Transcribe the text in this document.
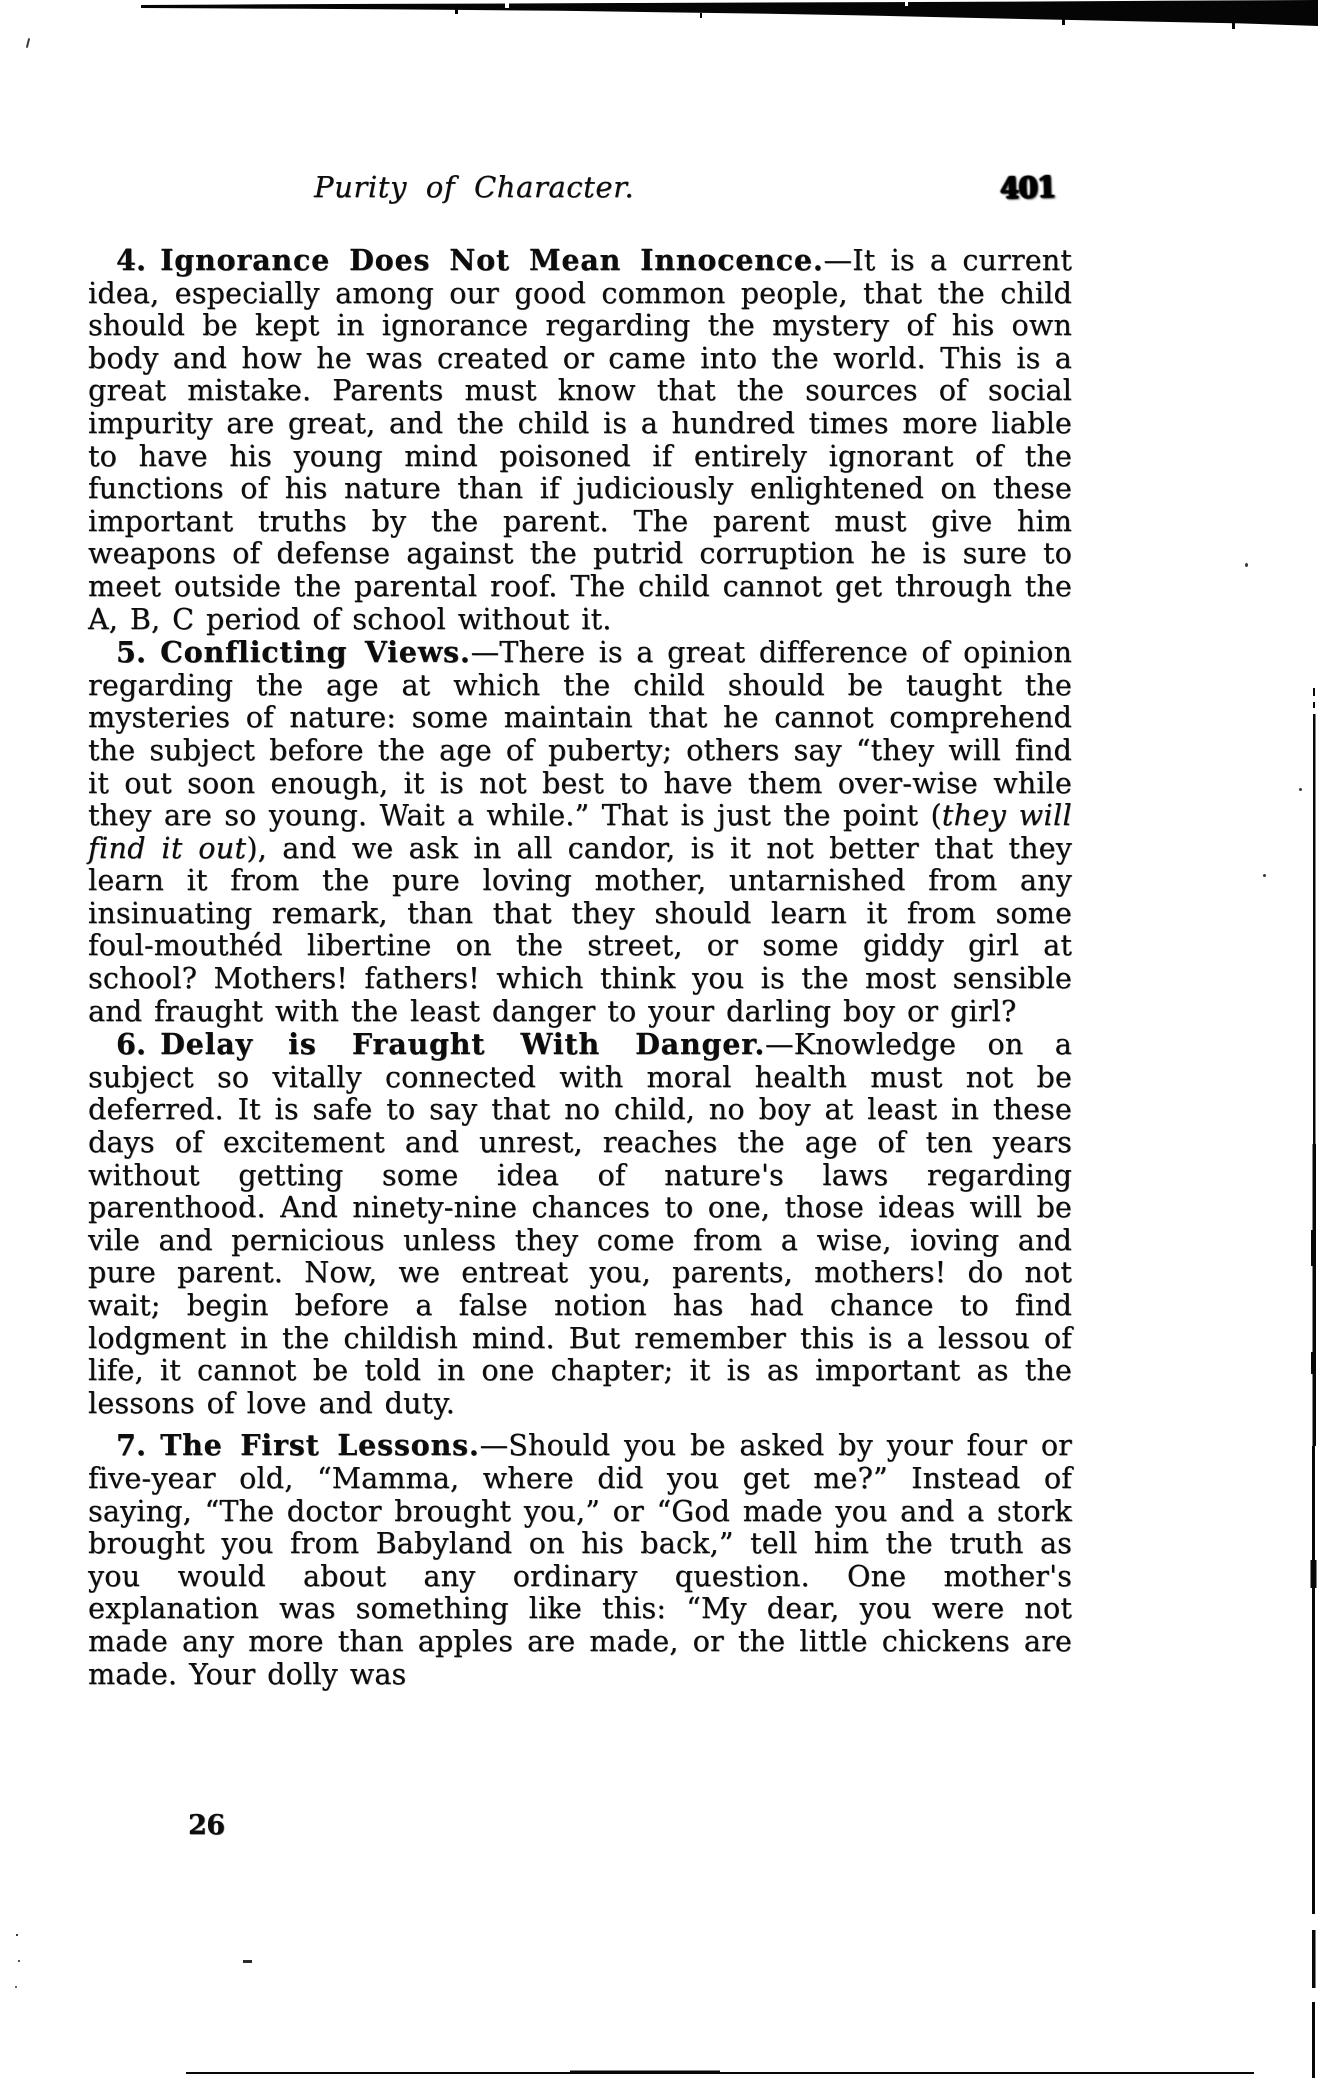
Purity of Character.	401

4. Ignorance Does Not Mean Innocence.—It is a current idea, especially among our good common people, that the child should be kept in ignorance regarding the mystery of his own body and how he was created or came into the world. This is a great mistake. Parents must know that the sources of social impurity are great, and the child is a hundred times more liable to have his young mind poisoned if entirely ignorant of the functions of his nature than if judiciously enlightened on these important truths by the parent. The parent must give him weapons of defense against the putrid corruption he is sure to meet outside the parental roof. The child cannot get through the A, B, C period of school without it.

5. Conflicting Views.—There is a great difference of opinion regarding the age at which the child should be taught the mysteries of nature: some maintain that he cannot comprehend the subject before the age of puberty; others say “they will find it out soon enough, it is not best to have them over-wise while they are so young. Wait a while.” That is just the point (they will find it out), and we ask in all candor, is it not better that they learn it from the pure loving mother, untarnished from any insinuating remark, than that they should learn it from some foul-mouthéd libertine on the street, or some giddy girl at school? Mothers! fathers! which think you is the most sensible and fraught with the least danger to your darling boy or girl?

6. Delay is Fraught With Danger.—Knowledge on a subject so vitally connected with moral health must not be deferred. It is safe to say that no child, no boy at least in these days of excitement and unrest, reaches the age of ten years without getting some idea of nature's laws regarding parenthood. And ninety-nine chances to one, those ideas will be vile and pernicious unless they come from a wise, ioving and pure parent. Now, we entreat you, parents, mothers! do not wait; begin before a false notion has had chance to find lodgment in the childish mind. But remember this is a lessou of life, it cannot be told in one chapter; it is as important as the lessons of love and duty.

7. The First Lessons.—Should you be asked by your four or five-year old, “Mamma, where did you get me?” Instead of saying, “The doctor brought you,” or “God made you and a stork brought you from Babyland on his back,” tell him the truth as you would about any ordinary question. One mother's explanation was something like this: “My dear, you were not made any more than apples are made, or the little chickens are made. Your dolly was

26
